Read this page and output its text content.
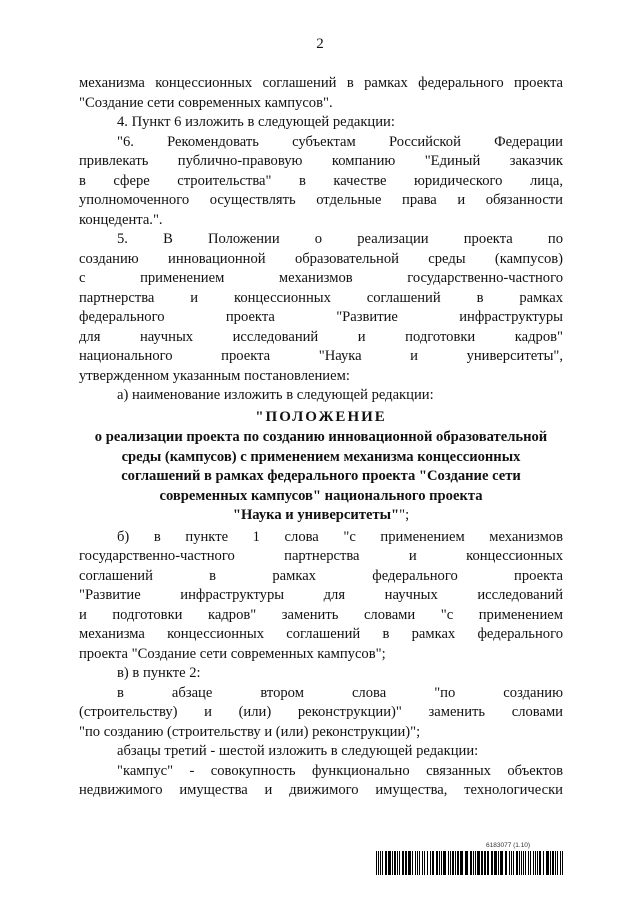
2
механизма концессионных соглашений в рамках федерального проекта
"Создание сети современных кампусов".
4. Пункт 6 изложить в следующей редакции:
"6. Рекомендовать субъектам Российской Федерации
привлекать публично-правовую компанию "Единый заказчик
в сфере строительства" в качестве юридического лица,
уполномоченного осуществлять отдельные права и обязанности
концедента.".
5. В Положении о реализации проекта по
созданию инновационной образовательной среды (кампусов)
с применением механизмов государственно-частного
партнерства и концессионных соглашений в рамках
федерального проекта "Развитие инфраструктуры
для научных исследований и подготовки кадров"
национального проекта "Наука и университеты",
утвержденном указанным постановлением:
а) наименование изложить в следующей редакции:
"ПОЛОЖЕНИЕ
о реализации проекта по созданию инновационной образовательной
среды (кампусов) с применением механизма концессионных
соглашений в рамках федерального проекта "Создание сети
современных кампусов" национального проекта
"Наука и университеты"";
б) в пункте 1 слова "с применением механизмов
государственно-частного партнерства и концессионных
соглашений в рамках федерального проекта
"Развитие инфраструктуры для научных исследований
и подготовки кадров" заменить словами "с применением
механизма концессионных соглашений в рамках федерального
проекта "Создание сети современных кампусов";
в) в пункте 2:
в абзаце втором слова "по созданию
(строительству) и (или) реконструкции)" заменить словами
"по созданию (строительству и (или) реконструкции)";
абзацы третий - шестой изложить в следующей редакции:
"кампус" - совокупность функционально связанных объектов
недвижимого имущества и движимого имущества, технологически
6183077 (1.10)
